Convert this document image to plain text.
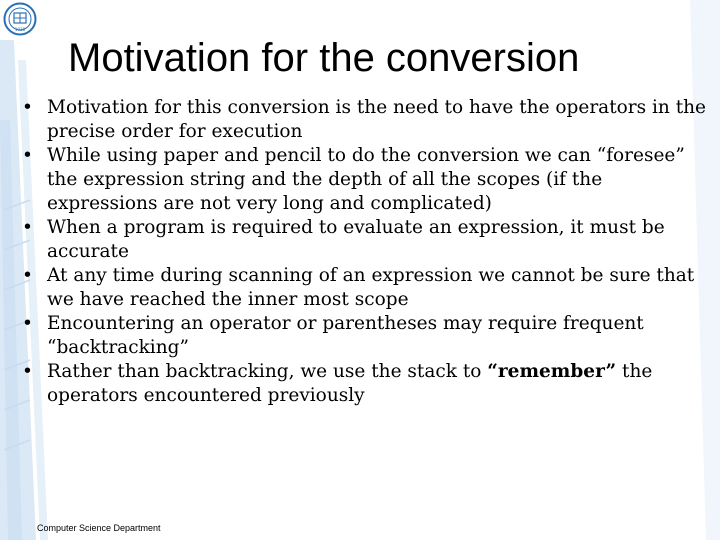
1938
Motivation for the conversion
• Motivation for this conversion is the need to have the operators in the precise order for execution
• While using paper and pencil to do the conversion we can “foresee” the expression string and the depth of all the scopes (if the expressions are not very long and complicated)
• When a program is required to evaluate an expression, it must be accurate
• At any time during scanning of an expression we cannot be sure that we have reached the inner most scope
• Encountering an operator or parentheses may require frequent “backtracking”
• Rather than backtracking, we use the stack to “remember” the operators encountered previously
Computer Science Department
